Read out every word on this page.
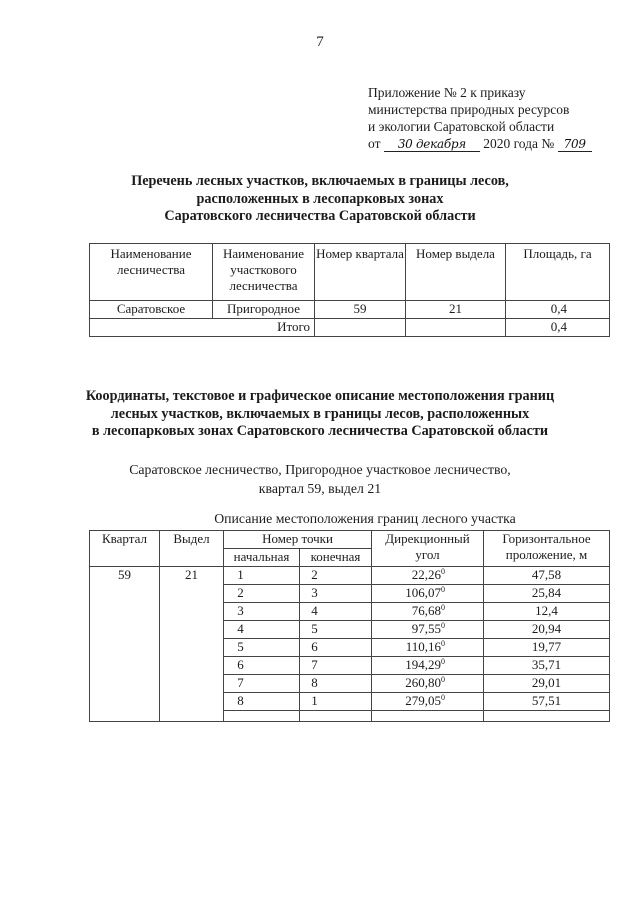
7
Приложение № 2 к приказу
министерства природных ресурсов
и экологии Саратовской области
от 30 декабря 2020 года № 709
Перечень лесных участков, включаемых в границы лесов,
расположенных в лесопарковых зонах
Саратовского лесничества Саратовской области
Наименование лесничества	Наименование участкового лесничества	Номер квартала	Номер выдела	Площадь, га
Саратовское	Пригородное	59	21	0,4
Итого				0,4
Координаты, текстовое и графическое описание местоположения границ
лесных участков, включаемых в границы лесов, расположенных
в лесопарковых зонах Саратовского лесничества Саратовской области
Саратовское лесничество, Пригородное участковое лесничество,
квартал 59, выдел 21
Описание местоположения границ лесного участка
Квартал	Выдел	Номер точки		Дирекционный угол	Горизонтальное проложение, м
		начальная	конечная		
59	21	1	2	22,26$^0$	47,58
		2	3	106,07$^0$	25,84
		3	4	76,68$^0$	12,4
		4	5	97,55$^0$	20,94
		5	6	110,16$^0$	19,77
		6	7	194,29$^0$	35,71
		7	8	260,80$^0$	29,01
		8	1	279,05$^0$	57,51
